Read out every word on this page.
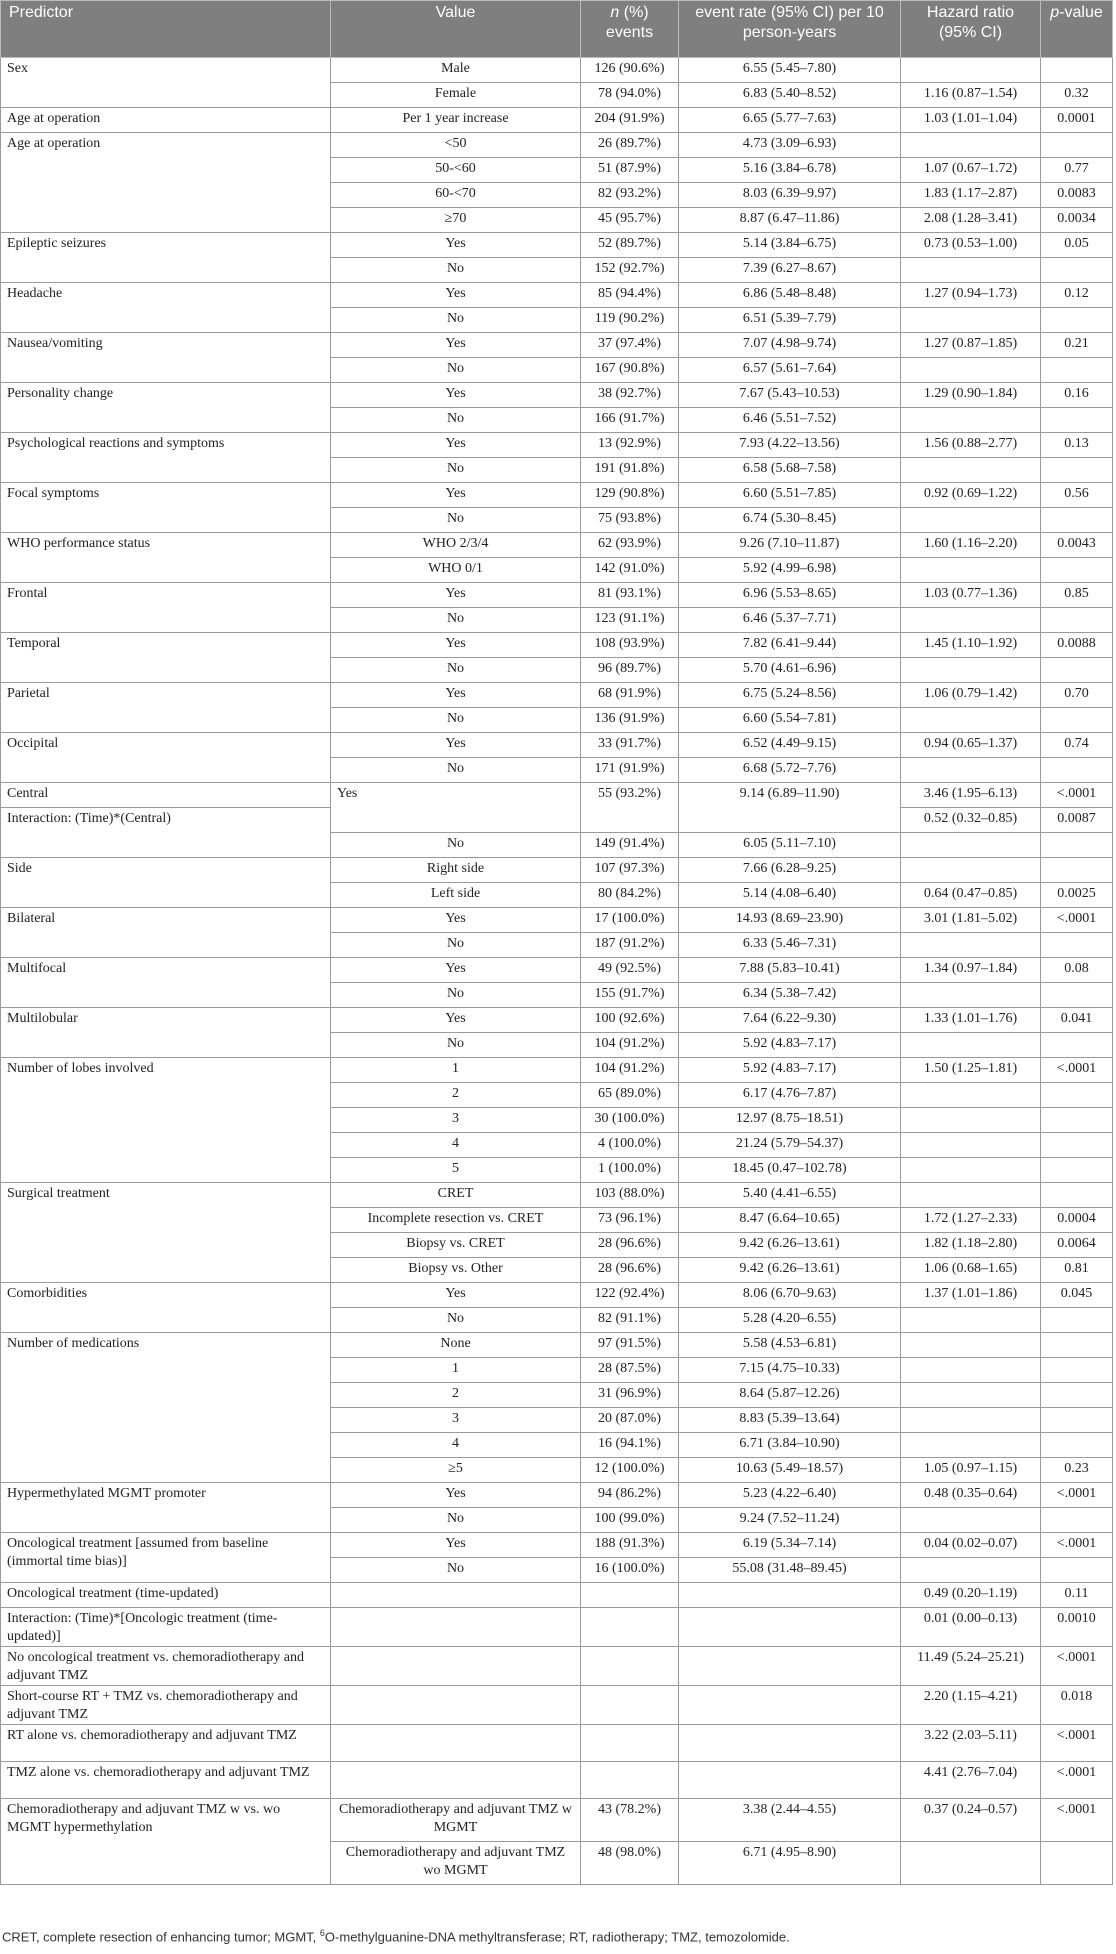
Predictor	Value	n (%) events	event rate (95% CI) per 10 person-years	Hazard ratio (95% CI)	p-value
Sex	Male	126 (90.6%)	6.55 (5.45–7.80)		
	Female	78 (94.0%)	6.83 (5.40–8.52)	1.16 (0.87–1.54)	0.32
Age at operation	Per 1 year increase	204 (91.9%)	6.65 (5.77–7.63)	1.03 (1.01–1.04)	0.0001
Age at operation	<50	26 (89.7%)	4.73 (3.09–6.93)		
	50-<60	51 (87.9%)	5.16 (3.84–6.78)	1.07 (0.67–1.72)	0.77
	60-<70	82 (93.2%)	8.03 (6.39–9.97)	1.83 (1.17–2.87)	0.0083
	≥70	45 (95.7%)	8.87 (6.47–11.86)	2.08 (1.28–3.41)	0.0034
Epileptic seizures	Yes	52 (89.7%)	5.14 (3.84–6.75)	0.73 (0.53–1.00)	0.05
	No	152 (92.7%)	7.39 (6.27–8.67)		
Headache	Yes	85 (94.4%)	6.86 (5.48–8.48)	1.27 (0.94–1.73)	0.12
	No	119 (90.2%)	6.51 (5.39–7.79)		
Nausea/vomiting	Yes	37 (97.4%)	7.07 (4.98–9.74)	1.27 (0.87–1.85)	0.21
	No	167 (90.8%)	6.57 (5.61–7.64)		
Personality change	Yes	38 (92.7%)	7.67 (5.43–10.53)	1.29 (0.90–1.84)	0.16
	No	166 (91.7%)	6.46 (5.51–7.52)		
Psychological reactions and symptoms	Yes	13 (92.9%)	7.93 (4.22–13.56)	1.56 (0.88–2.77)	0.13
	No	191 (91.8%)	6.58 (5.68–7.58)		
Focal symptoms	Yes	129 (90.8%)	6.60 (5.51–7.85)	0.92 (0.69–1.22)	0.56
	No	75 (93.8%)	6.74 (5.30–8.45)		
WHO performance status	WHO 2/3/4	62 (93.9%)	9.26 (7.10–11.87)	1.60 (1.16–2.20)	0.0043
	WHO 0/1	142 (91.0%)	5.92 (4.99–6.98)		
Frontal	Yes	81 (93.1%)	6.96 (5.53–8.65)	1.03 (0.77–1.36)	0.85
	No	123 (91.1%)	6.46 (5.37–7.71)		
Temporal	Yes	108 (93.9%)	7.82 (6.41–9.44)	1.45 (1.10–1.92)	0.0088
	No	96 (89.7%)	5.70 (4.61–6.96)		
Parietal	Yes	68 (91.9%)	6.75 (5.24–8.56)	1.06 (0.79–1.42)	0.70
	No	136 (91.9%)	6.60 (5.54–7.81)		
Occipital	Yes	33 (91.7%)	6.52 (4.49–9.15)	0.94 (0.65–1.37)	0.74
	No	171 (91.9%)	6.68 (5.72–7.76)		
Central	Yes	55 (93.2%)	9.14 (6.89–11.90)	3.46 (1.95–6.13)	<.0001
Interaction: (Time)*(Central)				0.52 (0.32–0.85)	0.0087
	No	149 (91.4%)	6.05 (5.11–7.10)		
Side	Right side	107 (97.3%)	7.66 (6.28–9.25)		
	Left side	80 (84.2%)	5.14 (4.08–6.40)	0.64 (0.47–0.85)	0.0025
Bilateral	Yes	17 (100.0%)	14.93 (8.69–23.90)	3.01 (1.81–5.02)	<.0001
	No	187 (91.2%)	6.33 (5.46–7.31)		
Multifocal	Yes	49 (92.5%)	7.88 (5.83–10.41)	1.34 (0.97–1.84)	0.08
	No	155 (91.7%)	6.34 (5.38–7.42)		
Multilobular	Yes	100 (92.6%)	7.64 (6.22–9.30)	1.33 (1.01–1.76)	0.041
	No	104 (91.2%)	5.92 (4.83–7.17)		
Number of lobes involved	1	104 (91.2%)	5.92 (4.83–7.17)	1.50 (1.25–1.81)	<.0001
	2	65 (89.0%)	6.17 (4.76–7.87)		
	3	30 (100.0%)	12.97 (8.75–18.51)		
	4	4 (100.0%)	21.24 (5.79–54.37)		
	5	1 (100.0%)	18.45 (0.47–102.78)		
Surgical treatment	CRET	103 (88.0%)	5.40 (4.41–6.55)		
	Incomplete resection vs. CRET	73 (96.1%)	8.47 (6.64–10.65)	1.72 (1.27–2.33)	0.0004
	Biopsy vs. CRET	28 (96.6%)	9.42 (6.26–13.61)	1.82 (1.18–2.80)	0.0064
	Biopsy vs. Other	28 (96.6%)	9.42 (6.26–13.61)	1.06 (0.68–1.65)	0.81
Comorbidities	Yes	122 (92.4%)	8.06 (6.70–9.63)	1.37 (1.01–1.86)	0.045
	No	82 (91.1%)	5.28 (4.20–6.55)		
Number of medications	None	97 (91.5%)	5.58 (4.53–6.81)		
	1	28 (87.5%)	7.15 (4.75–10.33)		
	2	31 (96.9%)	8.64 (5.87–12.26)		
	3	20 (87.0%)	8.83 (5.39–13.64)		
	4	16 (94.1%)	6.71 (3.84–10.90)		
	≥5	12 (100.0%)	10.63 (5.49–18.57)	1.05 (0.97–1.15)	0.23
Hypermethylated MGMT promoter	Yes	94 (86.2%)	5.23 (4.22–6.40)	0.48 (0.35–0.64)	<.0001
	No	100 (99.0%)	9.24 (7.52–11.24)		
Oncological treatment [assumed from baseline (immortal time bias)]	Yes	188 (91.3%)	6.19 (5.34–7.14)	0.04 (0.02–0.07)	<.0001
	No	16 (100.0%)	55.08 (31.48–89.45)		
Oncological treatment (time-updated)				0.49 (0.20–1.19)	0.11
Interaction: (Time)*[Oncologic treatment (time-updated)]				0.01 (0.00–0.13)	0.0010
No oncological treatment vs. chemoradiotherapy and adjuvant TMZ				11.49 (5.24–25.21)	<.0001
Short-course RT + TMZ vs. chemoradiotherapy and adjuvant TMZ				2.20 (1.15–4.21)	0.018
RT alone vs. chemoradiotherapy and adjuvant TMZ				3.22 (2.03–5.11)	<.0001
TMZ alone vs. chemoradiotherapy and adjuvant TMZ				4.41 (2.76–7.04)	<.0001
Chemoradiotherapy and adjuvant TMZ w vs. wo MGMT hypermethylation	Chemoradiotherapy and adjuvant TMZ w MGMT	43 (78.2%)	3.38 (2.44–4.55)	0.37 (0.24–0.57)	<.0001
	Chemoradiotherapy and adjuvant TMZ wo MGMT	48 (98.0%)	6.71 (4.95–8.90)		
CRET, complete resection of enhancing tumor; MGMT, $^6$O-methylguanine-DNA methyltransferase; RT, radiotherapy; TMZ, temozolomide.
